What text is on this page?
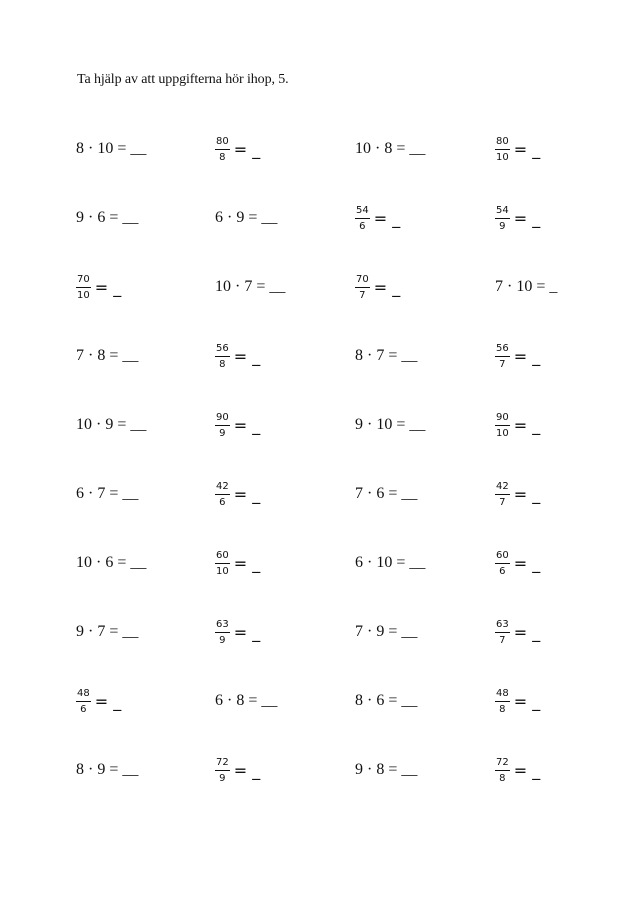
Ta hjälp av att uppgifterna hör ihop, 5.
8 · 10 = __	$\frac{80}{8}$ = _	10 · 8 = __	$\frac{80}{10}$ = _
9 · 6 = __	6 · 9 = __	$\frac{54}{6}$ = _	$\frac{54}{9}$ = _
$\frac{70}{10}$ = _	10 · 7 = __	$\frac{70}{7}$ = _	7 · 10 = _
7 · 8 = __	$\frac{56}{8}$ = _	8 · 7 = __	$\frac{56}{7}$ = _
10 · 9 = __	$\frac{90}{9}$ = _	9 · 10 = __	$\frac{90}{10}$ = _
6 · 7 = __	$\frac{42}{6}$ = _	7 · 6 = __	$\frac{42}{7}$ = _
10 · 6 = __	$\frac{60}{10}$ = _	6 · 10 = __	$\frac{60}{6}$ = _
9 · 7 = __	$\frac{63}{9}$ = _	7 · 9 = __	$\frac{63}{7}$ = _
$\frac{48}{6}$ = _	6 · 8 = __	8 · 6 = __	$\frac{48}{8}$ = _
8 · 9 = __	$\frac{72}{9}$ = _	9 · 8 = __	$\frac{72}{8}$ = _
